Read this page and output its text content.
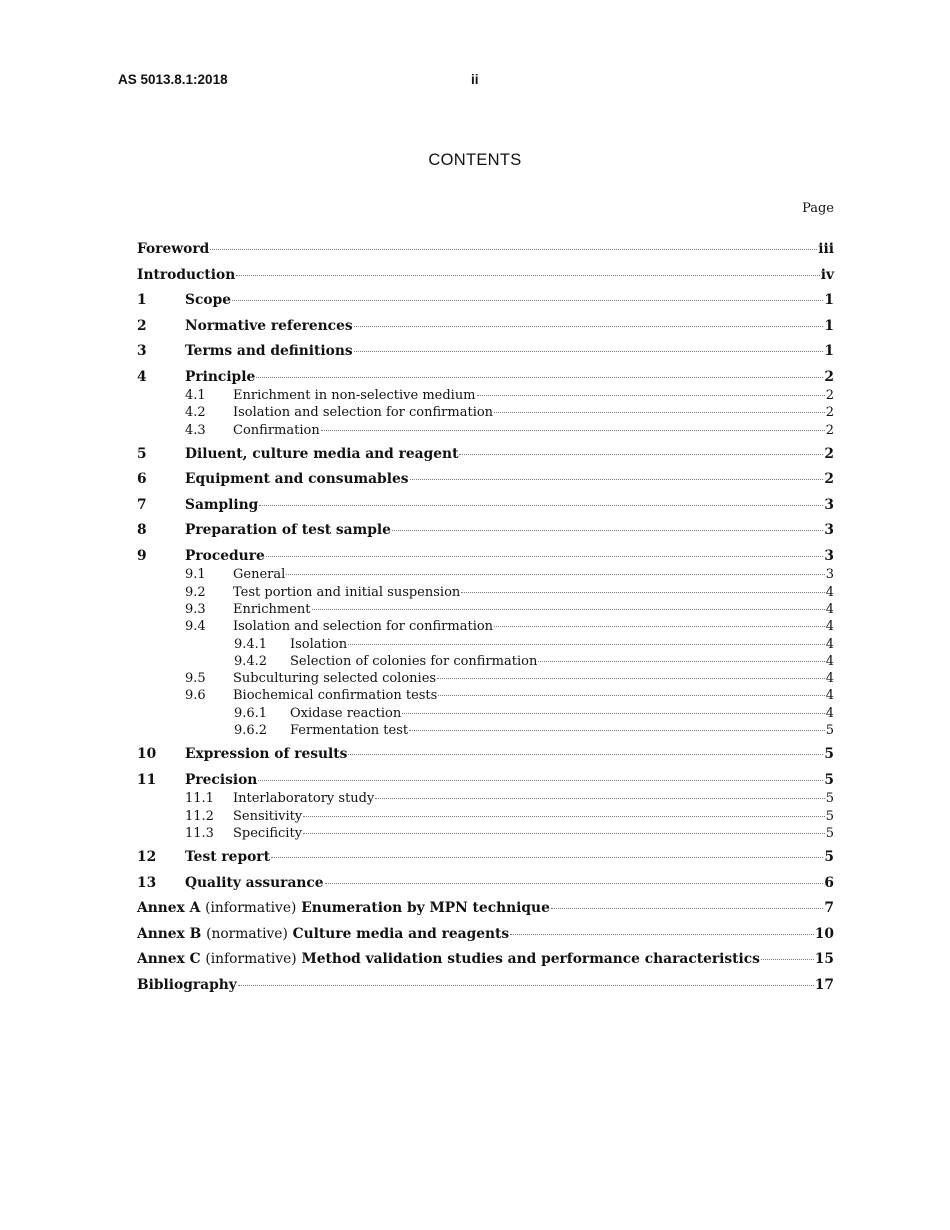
AS 5013.8.1:2018	ii
CONTENTS
Page
Foreword	iii
Introduction	iv
1	Scope	1
2	Normative references	1
3	Terms and definitions	1
4	Principle	2
4.1	Enrichment in non-selective medium	2
4.2	Isolation and selection for confirmation	2
4.3	Confirmation	2
5	Diluent, culture media and reagent	2
6	Equipment and consumables	2
7	Sampling	3
8	Preparation of test sample	3
9	Procedure	3
9.1	General	3
9.2	Test portion and initial suspension	4
9.3	Enrichment	4
9.4	Isolation and selection for confirmation	4
9.4.1	Isolation	4
9.4.2	Selection of colonies for confirmation	4
9.5	Subculturing selected colonies	4
9.6	Biochemical confirmation tests	4
9.6.1	Oxidase reaction	4
9.6.2	Fermentation test	5
10	Expression of results	5
11	Precision	5
11.1	Interlaboratory study	5
11.2	Sensitivity	5
11.3	Specificity	5
12	Test report	5
13	Quality assurance	6
Annex A (informative) Enumeration by MPN technique	7
Annex B (normative) Culture media and reagents	10
Annex C (informative) Method validation studies and performance characteristics	15
Bibliography	17
